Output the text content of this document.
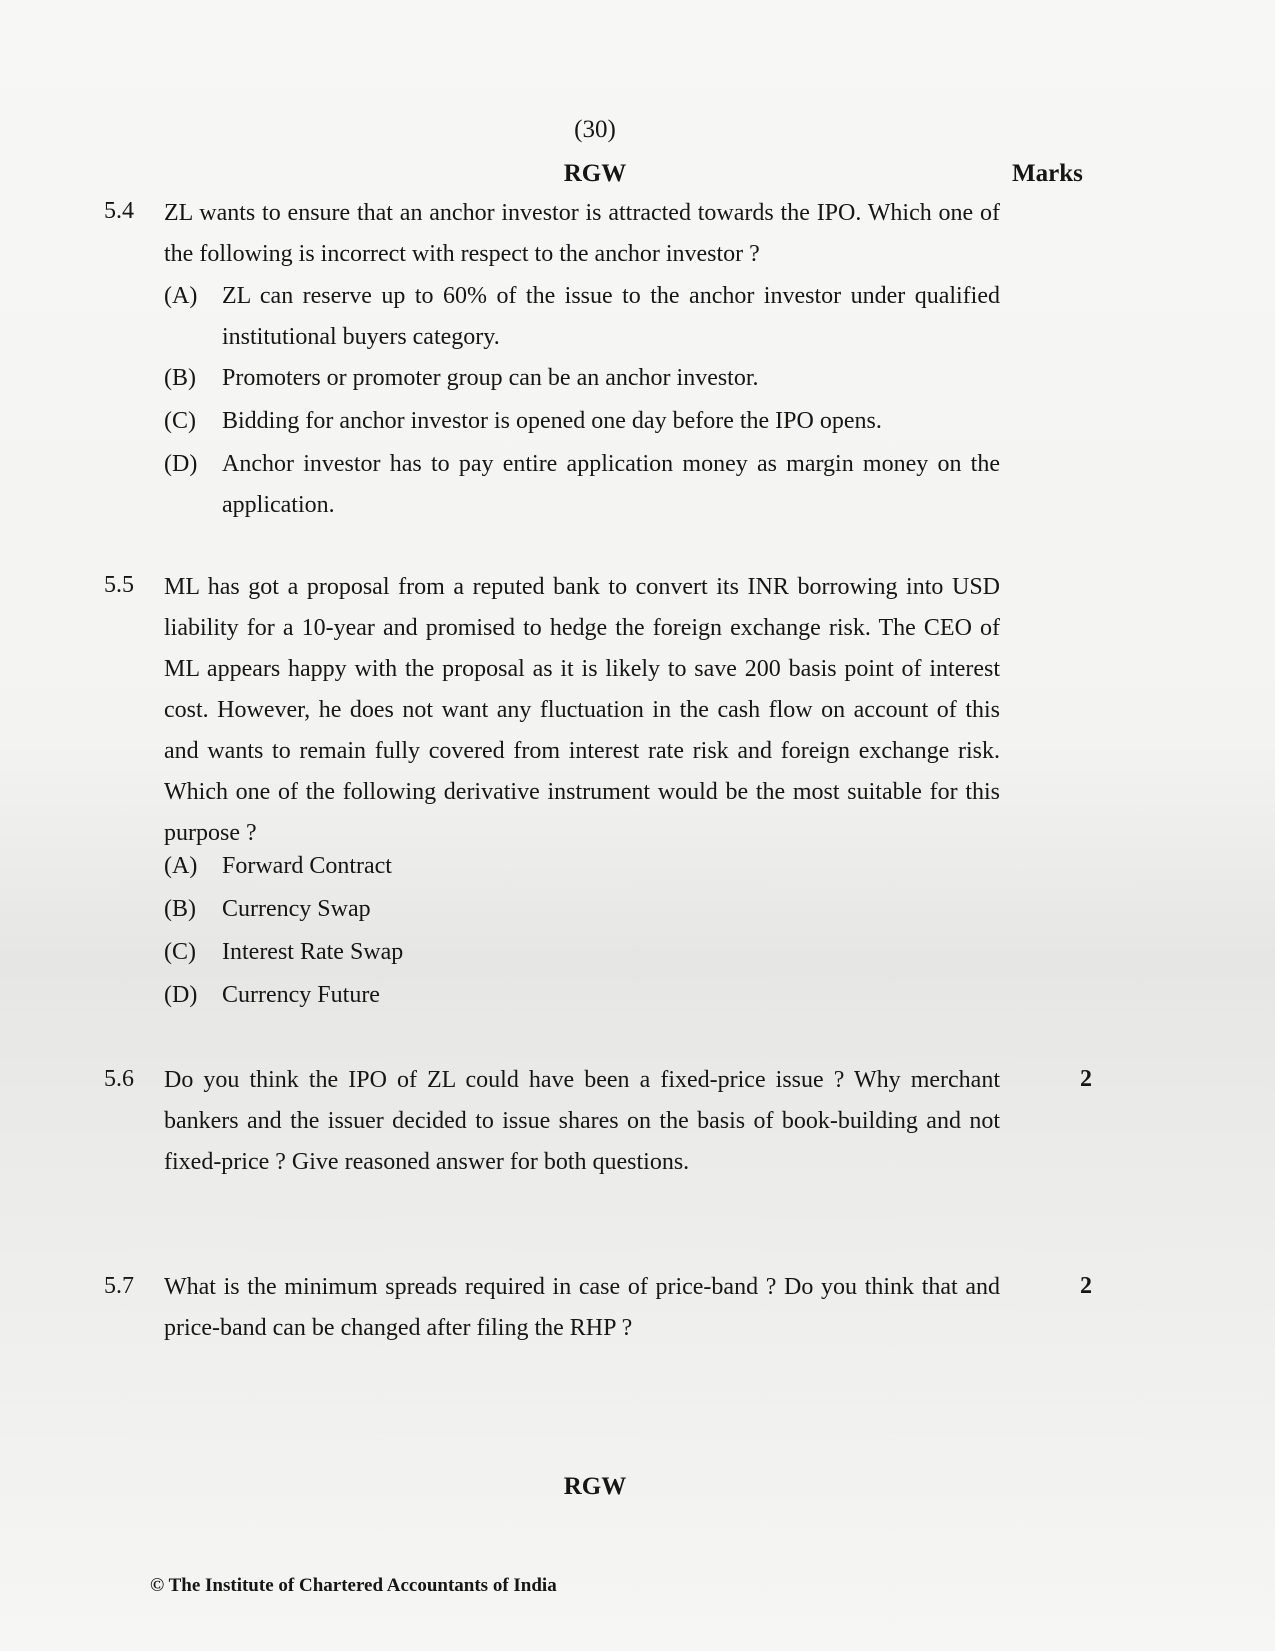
(30)
RGW	Marks
5.4 ZL wants to ensure that an anchor investor is attracted towards the IPO. Which one of the following is incorrect with respect to the anchor investor ?
(A)	ZL can reserve up to 60% of the issue to the anchor investor under qualified institutional buyers category.
(B)	Promoters or promoter group can be an anchor investor.
(C)	Bidding for anchor investor is opened one day before the IPO opens.
(D)	Anchor investor has to pay entire application money as margin money on the application.
5.5 ML has got a proposal from a reputed bank to convert its INR borrowing into USD liability for a 10-year and promised to hedge the foreign exchange risk. The CEO of ML appears happy with the proposal as it is likely to save 200 basis point of interest cost. However, he does not want any fluctuation in the cash flow on account of this and wants to remain fully covered from interest rate risk and foreign exchange risk. Which one of the following derivative instrument would be the most suitable for this purpose ?
(A)	Forward Contract
(B)	Currency Swap
(C)	Interest Rate Swap
(D)	Currency Future
5.6 Do you think the IPO of ZL could have been a fixed-price issue ? Why merchant bankers and the issuer decided to issue shares on the basis of book-building and not fixed-price ? Give reasoned answer for both questions.
2
5.7 What is the minimum spreads required in case of price-band ? Do you think that and price-band can be changed after filing the RHP ?
2
RGW
© The Institute of Chartered Accountants of India
